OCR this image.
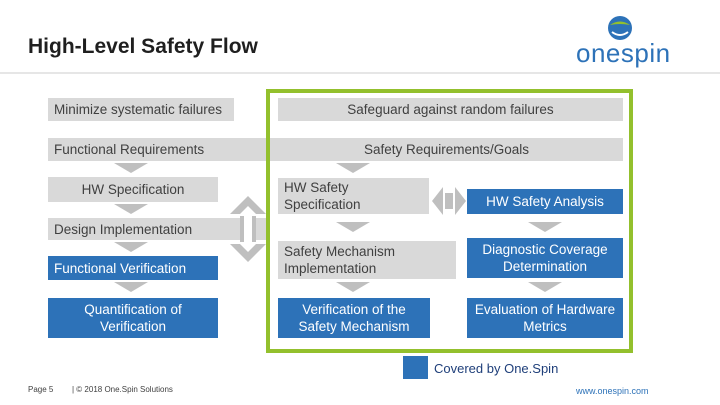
High-Level Safety Flow	onespin
Minimize systematic failures
Functional Requirements
HW Specification
Design Implementation
Functional Verification
Quantification of Verification
Safeguard against random failures
Safety Requirements/Goals
HW Safety Specification	HW Safety Analysis
Safety Mechanism Implementation
Diagnostic Coverage Determination
Verification of the Safety Mechanism
Evaluation of Hardware Metrics
Covered by One.Spin
Page 5 | © 2018 One.Spin Solutions	www.onespin.com
